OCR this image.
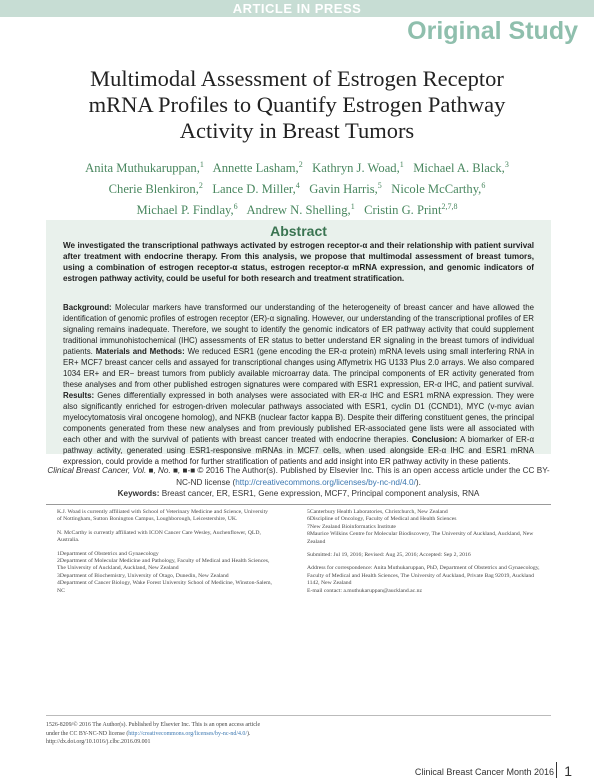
ARTICLE IN PRESS
Original Study
Multimodal Assessment of Estrogen Receptor
mRNA Profiles to Quantify Estrogen Pathway
Activity in Breast Tumors
Anita Muthukaruppan,$^1$ Annette Lasham,$^2$ Kathryn J. Woad,$^1$ Michael A. Black,$^3$
Cherie Blenkiron,$^2$ Lance D. Miller,$^4$ Gavin Harris,$^5$ Nicole McCarthy,$^6$
Michael P. Findlay,$^6$ Andrew N. Shelling,$^1$ Cristin G. Print$^{2,7,8}$
Abstract
We investigated the transcriptional pathways activated by estrogen receptor-α and their relationship with patient survival after treatment with endocrine therapy. From this analysis, we propose that multimodal assessment of breast tumors, using a combination of estrogen receptor-α status, estrogen receptor-α mRNA expression, and genomic indicators of estrogen pathway activity, could be useful for both research and treatment stratification.
Background: Molecular markers have transformed our understanding of the heterogeneity of breast cancer and have allowed the identification of genomic profiles of estrogen receptor (ER)-α signaling. However, our understanding of the transcriptional profiles of ER signaling remains inadequate. Therefore, we sought to identify the genomic indicators of ER pathway activity that could supplement traditional immunohistochemical (IHC) assessments of ER status to better understand ER signaling in the breast tumors of individual patients. Materials and Methods: We reduced ESR1 (gene encoding the ER-α protein) mRNA levels using small interfering RNA in ER+ MCF7 breast cancer cells and assayed for transcriptional changes using Affymetrix HG U133 Plus 2.0 arrays. We also compared 1034 ER+ and ER− breast tumors from publicly available microarray data. The principal components of ER activity generated from these analyses and from other published estrogen signatures were compared with ESR1 expression, ER-α IHC, and patient survival. Results: Genes differentially expressed in both analyses were associated with ER-α IHC and ESR1 mRNA expression. They were also significantly enriched for estrogen-driven molecular pathways associated with ESR1, cyclin D1 (CCND1), MYC (v-myc avian myelocytomatosis viral oncogene homolog), and NFKB (nuclear factor kappa B). Despite their differing constituent genes, the principal components generated from these new analyses and from previously published ER-associated gene lists were all associated with each other and with the survival of patients with breast cancer treated with endocrine therapies. Conclusion: A biomarker of ER-α pathway activity, generated using ESR1-responsive mRNAs in MCF7 cells, when used alongside ER-α IHC and ESR1 mRNA expression, could provide a method for further stratification of patients and add insight into ER pathway activity in these patients.
Clinical Breast Cancer, Vol. ■, No. ■, ■-■ © 2016 The Author(s). Published by Elsevier Inc. This is an open access article under the CC BY-NC-ND license (http://creativecommons.org/licenses/by-nc-nd/4.0/).
Keywords: Breast cancer, ER, ESR1, Gene expression, MCF7, Principal component analysis, RNA

K.J. Woad is currently affiliated with School of Veterinary Medicine and Science, University of Nottingham, Sutton Bonington Campus, Loughborough, Leicestershire, UK.

N. McCarthy is currently affiliated with ICON Cancer Care Wesley, Auchenflower, QLD, Australia.

1Department of Obstetrics and Gynaecology

2Department of Molecular Medicine and Pathology, Faculty of Medical and Health Sciences, The University of Auckland, Auckland, New Zealand

3Department of Biochemistry, University of Otago, Dunedin, New Zealand

4Department of Cancer Biology, Wake Forest University School of Medicine, Winston-Salem, NC

5Canterbury Health Laboratories, Christchurch, New Zealand

6Discipline of Oncology, Faculty of Medical and Health Sciences

7New Zealand Bioinformatics Institute

8Maurice Wilkins Centre for Molecular Biodiscovery, The University of Auckland, Auckland, New Zealand

Submitted: Jul 19, 2016; Revised: Aug 25, 2016; Accepted: Sep 2, 2016

Address for correspondence: Anita Muthukaruppan, PhD, Department of Obstetrics and Gynaecology, Faculty of Medical and Health Sciences, The University of Auckland, Private Bag 92019, Auckland 1142, New Zealand

E-mail contact: a.muthukaruppan@auckland.ac.nz

1526-8209/© 2016 The Author(s). Published by Elsevier Inc. This is an open access article
under the CC BY-NC-ND license (http://creativecommons.org/licenses/by-nc-nd/4.0/).
http://dx.doi.org/10.1016/j.clbc.2016.09.001
Clinical Breast Cancer Month 2016 1
